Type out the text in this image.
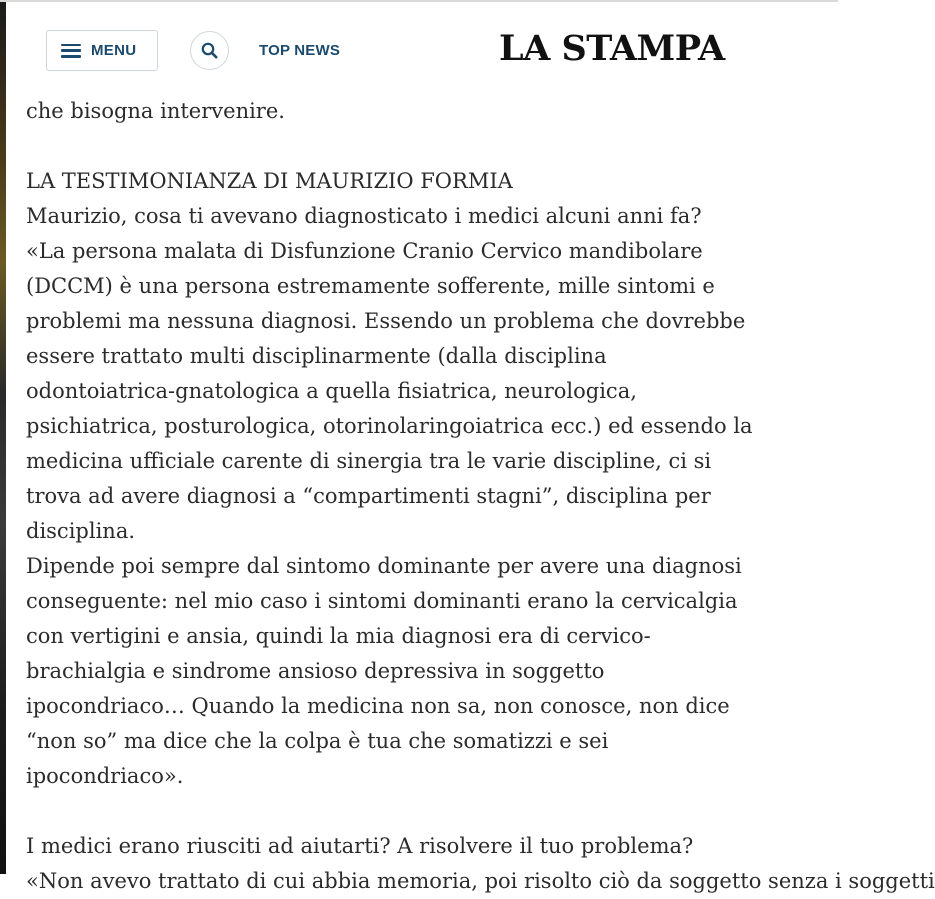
MENU	TOP NEWS	LA STAMPA
che bisogna intervenire.
LA TESTIMONIANZA DI MAURIZIO FORMIA
Maurizio, cosa ti avevano diagnosticato i medici alcuni anni fa?
«La persona malata di Disfunzione Cranio Cervico mandibolare
(DCCM) è una persona estremamente sofferente, mille sintomi e
problemi ma nessuna diagnosi. Essendo un problema che dovrebbe
essere trattato multi disciplinarmente (dalla disciplina
odontoiatrica-gnatologica a quella fisiatrica, neurologica,
psichiatrica, posturologica, otorinolaringoiatrica ecc.) ed essendo la
medicina ufficiale carente di sinergia tra le varie discipline, ci si
trova ad avere diagnosi a “compartimenti stagni”, disciplina per
disciplina.
Dipende poi sempre dal sintomo dominante per avere una diagnosi
conseguente: nel mio caso i sintomi dominanti erano la cervicalgia
con vertigini e ansia, quindi la mia diagnosi era di cervico-
brachialgia e sindrome ansioso depressiva in soggetto
ipocondriaco… Quando la medicina non sa, non conosce, non dice
“non so” ma dice che la colpa è tua che somatizzi e sei
ipocondriaco».
I medici erano riusciti ad aiutarti? A risolvere il tuo problema?
«Non avevo trattato di cui abbia memoria, poi risolto ciò da soggetto senza i soggetti
